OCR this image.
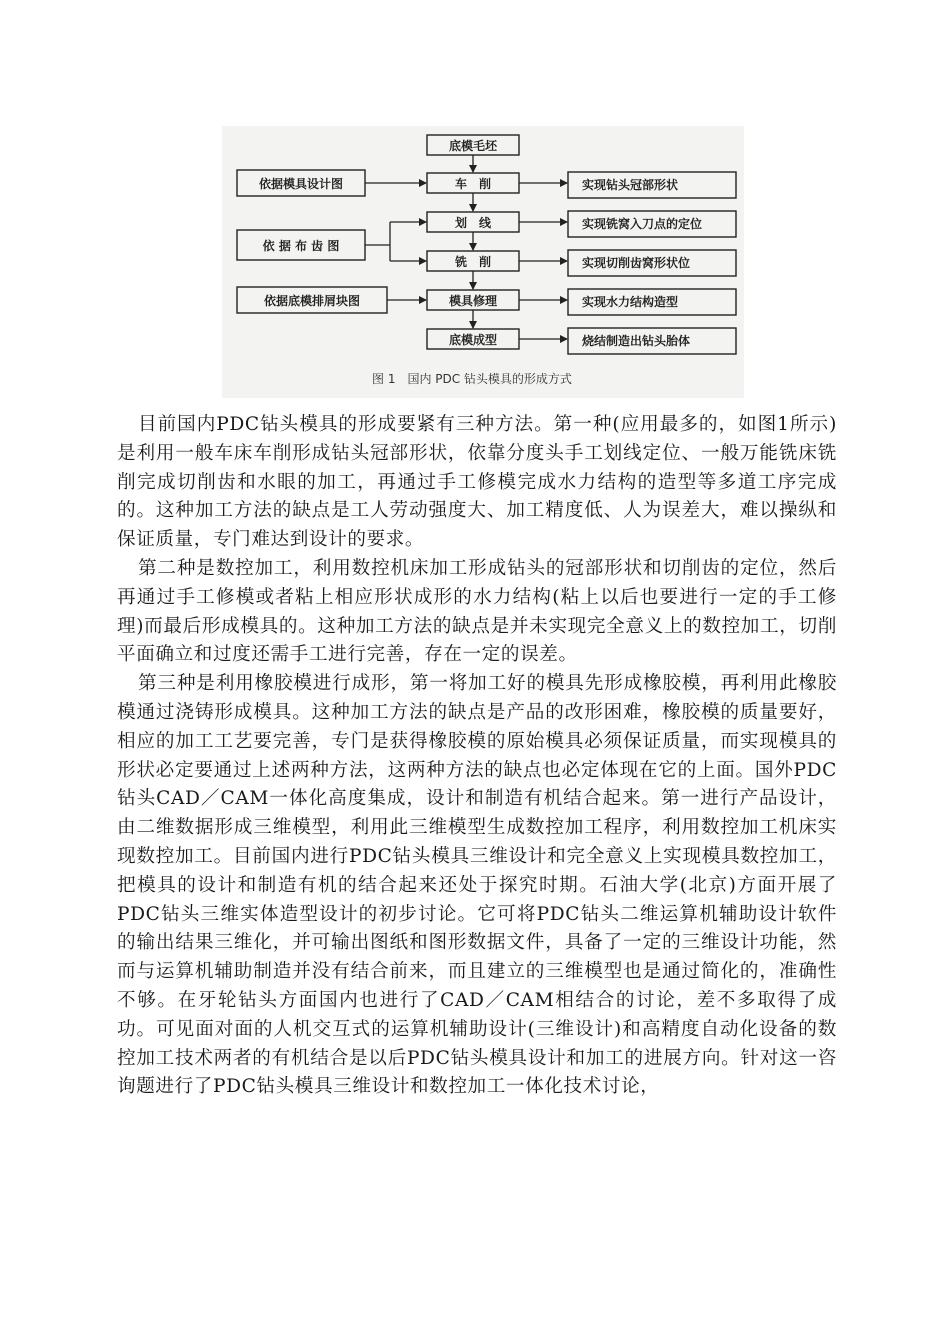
底模毛坯
车　削
划　线
铣　削
模具修理
底模成型
依据模具设计图
依 据 布 齿 图
依据底模排屑块图
实现钻头冠部形状
实现铣窝入刀点的定位
实现切削齿窝形状位
实现水力结构造型
烧结制造出钻头胎体
图 1　国内 PDC 钻头模具的形成方式

目前国内PDC钻头模具的形成要紧有三种方法。第一种(应用最多的，如图1所示)是利用一般车床车削形成钻头冠部形状，依靠分度头手工划线定位、一般万能铣床铣削完成切削齿和水眼的加工，再通过手工修模完成水力结构的造型等多道工序完成的。这种加工方法的缺点是工人劳动强度大、加工精度低、人为误差大，难以操纵和保证质量，专门难达到设计的要求。

第二种是数控加工，利用数控机床加工形成钻头的冠部形状和切削齿的定位，然后再通过手工修模或者粘上相应形状成形的水力结构(粘上以后也要进行一定的手工修理)而最后形成模具的。这种加工方法的缺点是并未实现完全意义上的数控加工，切削平面确立和过度还需手工进行完善，存在一定的误差。

第三种是利用橡胶模进行成形，第一将加工好的模具先形成橡胶模，再利用此橡胶模通过浇铸形成模具。这种加工方法的缺点是产品的改形困难，橡胶模的质量要好，相应的加工工艺要完善，专门是获得橡胶模的原始模具必须保证质量，而实现模具的形状必定要通过上述两种方法，这两种方法的缺点也必定体现在它的上面。国外PDC钻头CAD／CAM一体化高度集成，设计和制造有机结合起来。第一进行产品设计，由二维数据形成三维模型，利用此三维模型生成数控加工程序，利用数控加工机床实现数控加工。目前国内进行PDC钻头模具三维设计和完全意义上实现模具数控加工，把模具的设计和制造有机的结合起来还处于探究时期。石油大学(北京)方面开展了PDC钻头三维实体造型设计的初步讨论。它可将PDC钻头二维运算机辅助设计软件的输出结果三维化，并可输出图纸和图形数据文件，具备了一定的三维设计功能，然而与运算机辅助制造并没有结合前来，而且建立的三维模型也是通过简化的，准确性不够。在牙轮钻头方面国内也进行了CAD／CAM相结合的讨论，差不多取得了成功。可见面对面的人机交互式的运算机辅助设计(三维设计)和高精度自动化设备的数控加工技术两者的有机结合是以后PDC钻头模具设计和加工的进展方向。针对这一咨询题进行了PDC钻头模具三维设计和数控加工一体化技术讨论，
